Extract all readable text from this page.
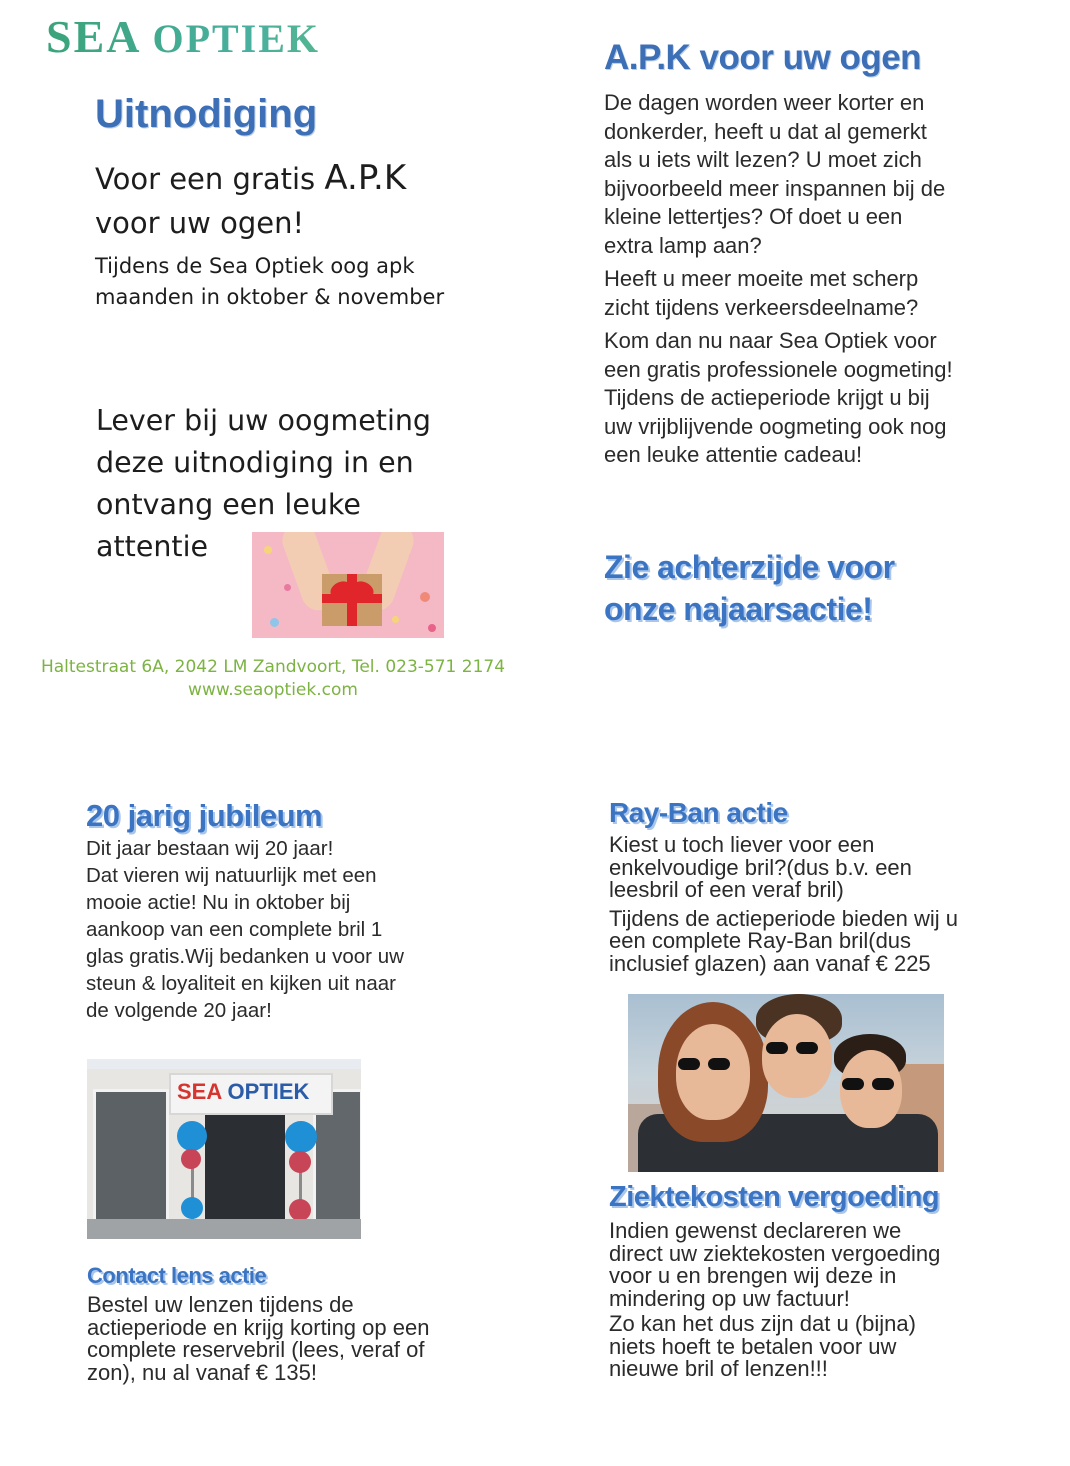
SEA OPTIEK
Uitnodiging
Voor een gratis A.P.K
voor uw ogen!
Tijdens de Sea Optiek oog apk
maanden in oktober & november
Lever bij uw oogmeting
deze uitnodiging in en
ontvang een leuke
attentie
Haltestraat 6A, 2042 LM Zandvoort, Tel. 023-571 2174
www.seaoptiek.com
A.P.K voor uw ogen

De dagen worden weer korter en

donkerder, heeft u dat al gemerkt

als u iets wilt lezen? U moet zich

bijvoorbeeld meer inspannen bij de

kleine lettertjes? Of doet u een

extra lamp aan?

Heeft u meer moeite met scherp

zicht tijdens verkeersdeelname?

Kom dan nu naar Sea Optiek voor

een gratis professionele oogmeting!

Tijdens de actieperiode krijgt u bij

uw vrijblijvende oogmeting ook nog

een leuke attentie cadeau!

Zie achterzijde voor
onze najaarsactie!
20 jarig jubileum

Dit jaar bestaan wij 20 jaar!

Dat vieren wij natuurlijk met een

mooie actie! Nu in oktober bij

aankoop van een complete bril 1

glas gratis.Wij bedanken u voor uw

steun & loyaliteit en kijken uit naar

de volgende 20 jaar!

SEA OPTIEK
Contact lens actie

Bestel uw lenzen tijdens de

actieperiode en krijg korting op een

complete reservebril (lees, veraf of

zon), nu al vanaf € 135!

Ray-Ban actie

Kiest u toch liever voor een

enkelvoudige bril?(dus b.v. een

leesbril of een veraf bril)

Tijdens de actieperiode bieden wij u

een complete Ray-Ban bril(dus

inclusief glazen) aan vanaf € 225

Ziektekosten vergoeding

Indien gewenst declareren we

direct uw ziektekosten vergoeding

voor u en brengen wij deze in

mindering op uw factuur!

Zo kan het dus zijn dat u (bijna)

niets hoeft te betalen voor uw

nieuwe bril of lenzen!!!
